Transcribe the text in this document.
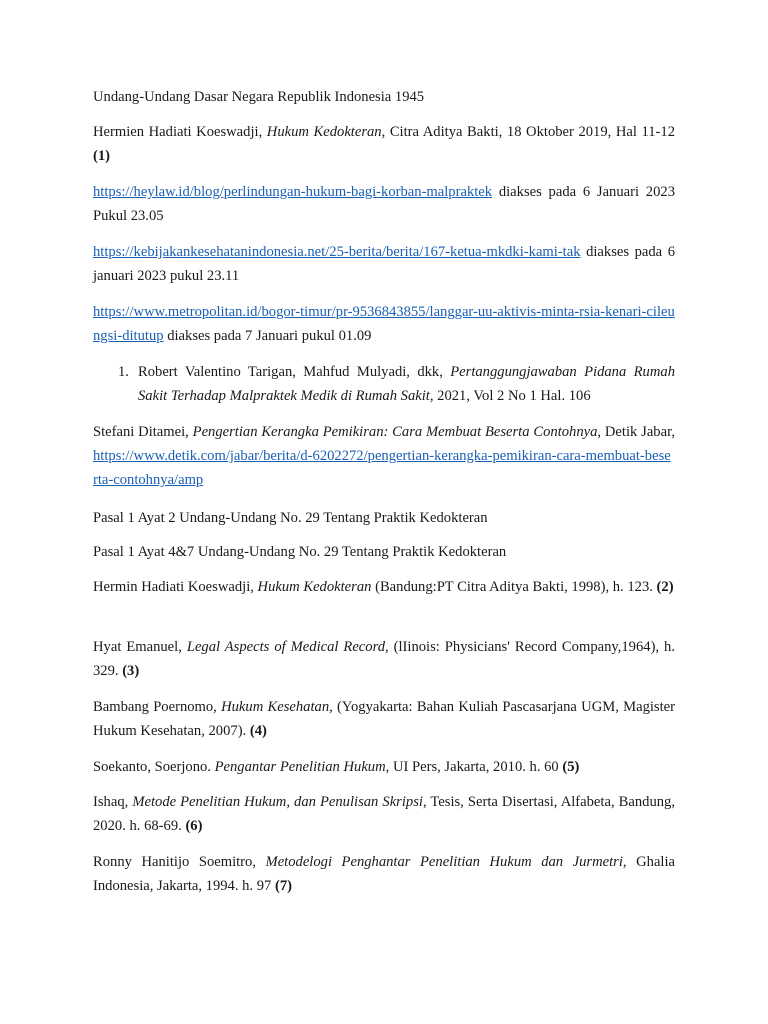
Undang-Undang Dasar Negara Republik Indonesia 1945

Hermien Hadiati Koeswadji, Hukum Kedokteran, Citra Aditya Bakti, 18 Oktober 2019, Hal 11-12 (1)

https://heylaw.id/blog/perlindungan-hukum-bagi-korban-malpraktek diakses pada 6 Januari 2023 Pukul 23.05

https://kebijakankesehatanindonesia.net/25-berita/berita/167-ketua-mkdki-kami-tak diakses pada 6 januari 2023 pukul 23.11

https://www.metropolitan.id/bogor-timur/pr-9536843855/langgar-uu-aktivis-minta-rsia-kenari-cileungsi-ditutup diakses pada 7 Januari pukul 01.09

1. Robert Valentino Tarigan, Mahfud Mulyadi, dkk, Pertanggungjawaban Pidana Rumah Sakit Terhadap Malpraktek Medik di Rumah Sakit, 2021, Vol 2 No 1 Hal. 106

Stefani Ditamei, Pengertian Kerangka Pemikiran: Cara Membuat Beserta Contohnya, Detik Jabar, https://www.detik.com/jabar/berita/d-6202272/pengertian-kerangka-pemikiran-cara-membuat-beserta-contohnya/amp

Pasal 1 Ayat 2 Undang-Undang No. 29 Tentang Praktik Kedokteran

Pasal 1 Ayat 4&7 Undang-Undang No. 29 Tentang Praktik Kedokteran

Hermin Hadiati Koeswadji, Hukum Kedokteran (Bandung:PT Citra Aditya Bakti, 1998), h. 123. (2)

Hyat Emanuel, Legal Aspects of Medical Record, (lIinois: Physicians' Record Company,1964), h. 329. (3)

Bambang Poernomo, Hukum Kesehatan, (Yogyakarta: Bahan Kuliah Pascasarjana UGM, Magister Hukum Kesehatan, 2007). (4)

Soekanto, Soerjono. Pengantar Penelitian Hukum, UI Pers, Jakarta, 2010. h. 60 (5)

Ishaq, Metode Penelitian Hukum, dan Penulisan Skripsi, Tesis, Serta Disertasi, Alfabeta, Bandung, 2020. h. 68-69. (6)

Ronny Hanitijo Soemitro, Metodelogi Penghantar Penelitian Hukum dan Jurmetri, Ghalia Indonesia, Jakarta, 1994. h. 97 (7)
